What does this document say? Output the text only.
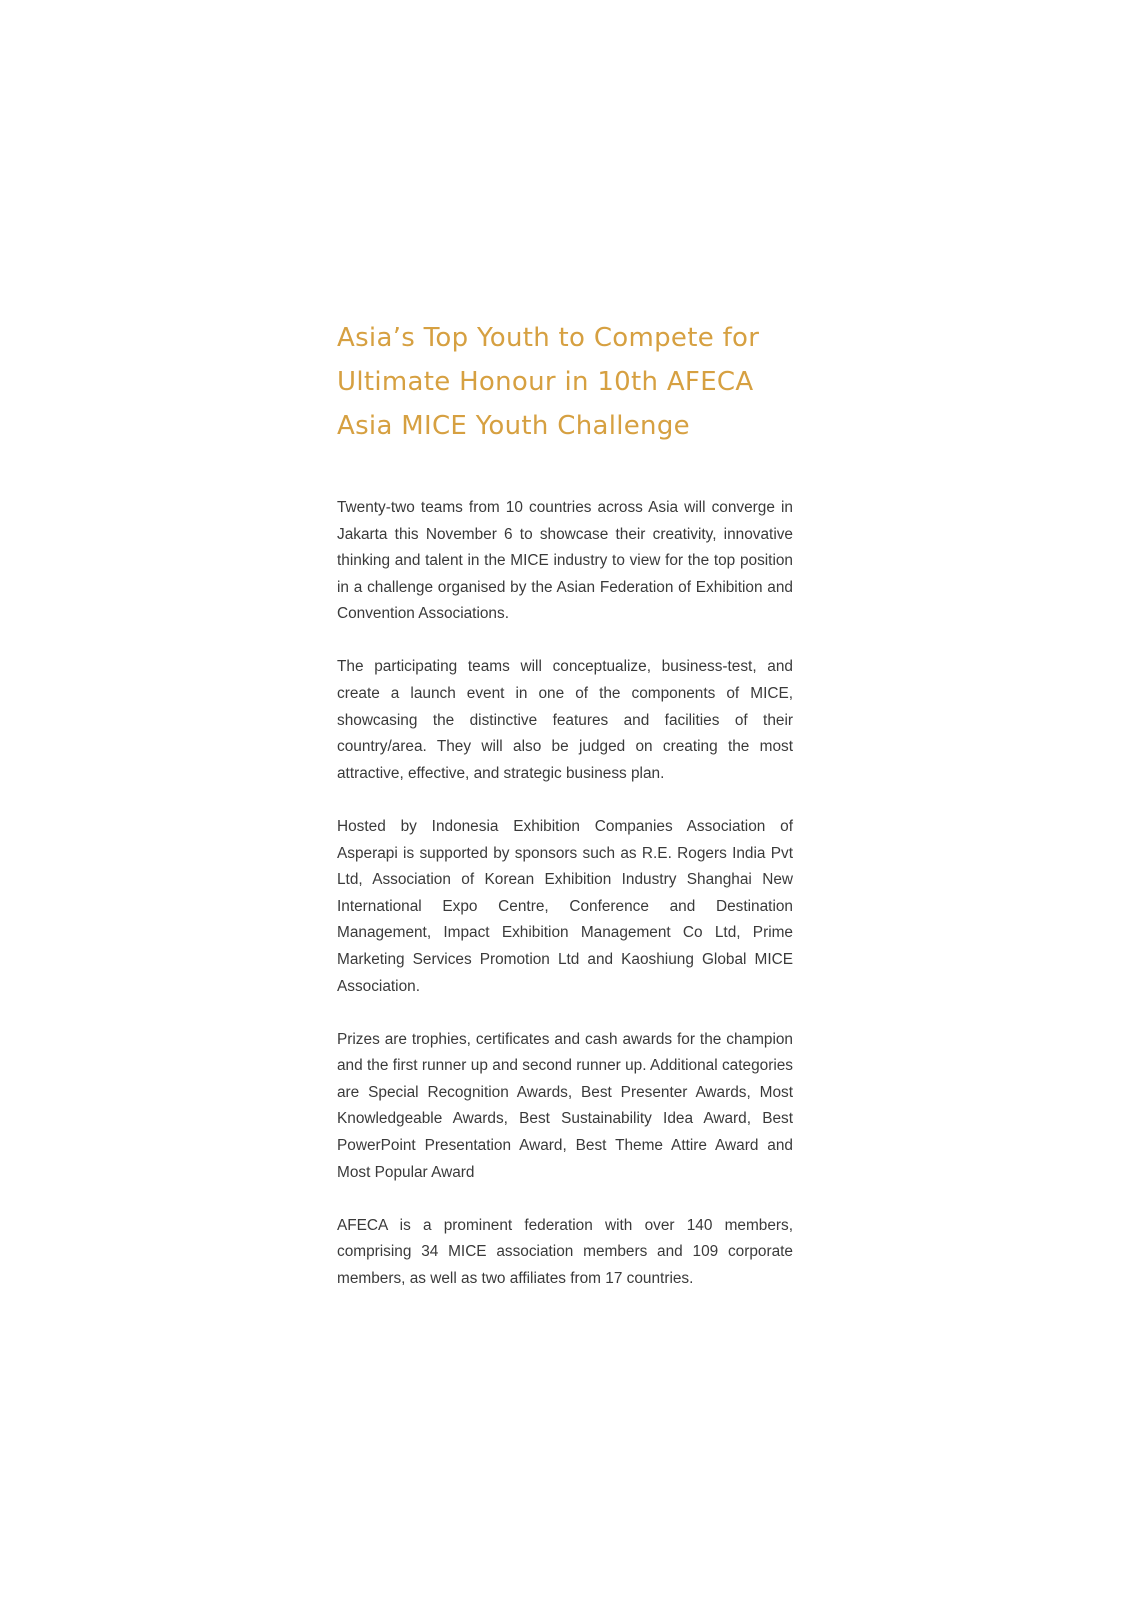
Asia’s Top Youth to Compete for Ultimate Honour in 10th AFECA Asia MICE Youth Challenge

Twenty-two teams from 10 countries across Asia will converge in Jakarta this November 6 to showcase their creativity, innovative thinking and talent in the MICE industry to view for the top position in a challenge organised by the Asian Federation of Exhibition and Convention Associations.

The participating teams will conceptualize, business-test, and create a launch event in one of the components of MICE, showcasing the distinctive features and facilities of their country/area. They will also be judged on creating the most attractive, effective, and strategic business plan.

Hosted by Indonesia Exhibition Companies Association of Asperapi is supported by sponsors such as R.E. Rogers India Pvt Ltd, Association of Korean Exhibition Industry Shanghai New International Expo Centre, Conference and Destination Management, Impact Exhibition Management Co Ltd, Prime Marketing Services Promotion Ltd and Kaoshiung Global MICE Association.

Prizes are trophies, certificates and cash awards for the champion and the first runner up and second runner up. Additional categories are Special Recognition Awards, Best Presenter Awards, Most Knowledgeable Awards, Best Sustainability Idea Award, Best PowerPoint Presentation Award, Best Theme Attire Award and Most Popular Award

AFECA is a prominent federation with over 140 members, comprising 34 MICE association members and 109 corporate members, as well as two affiliates from 17 countries.
